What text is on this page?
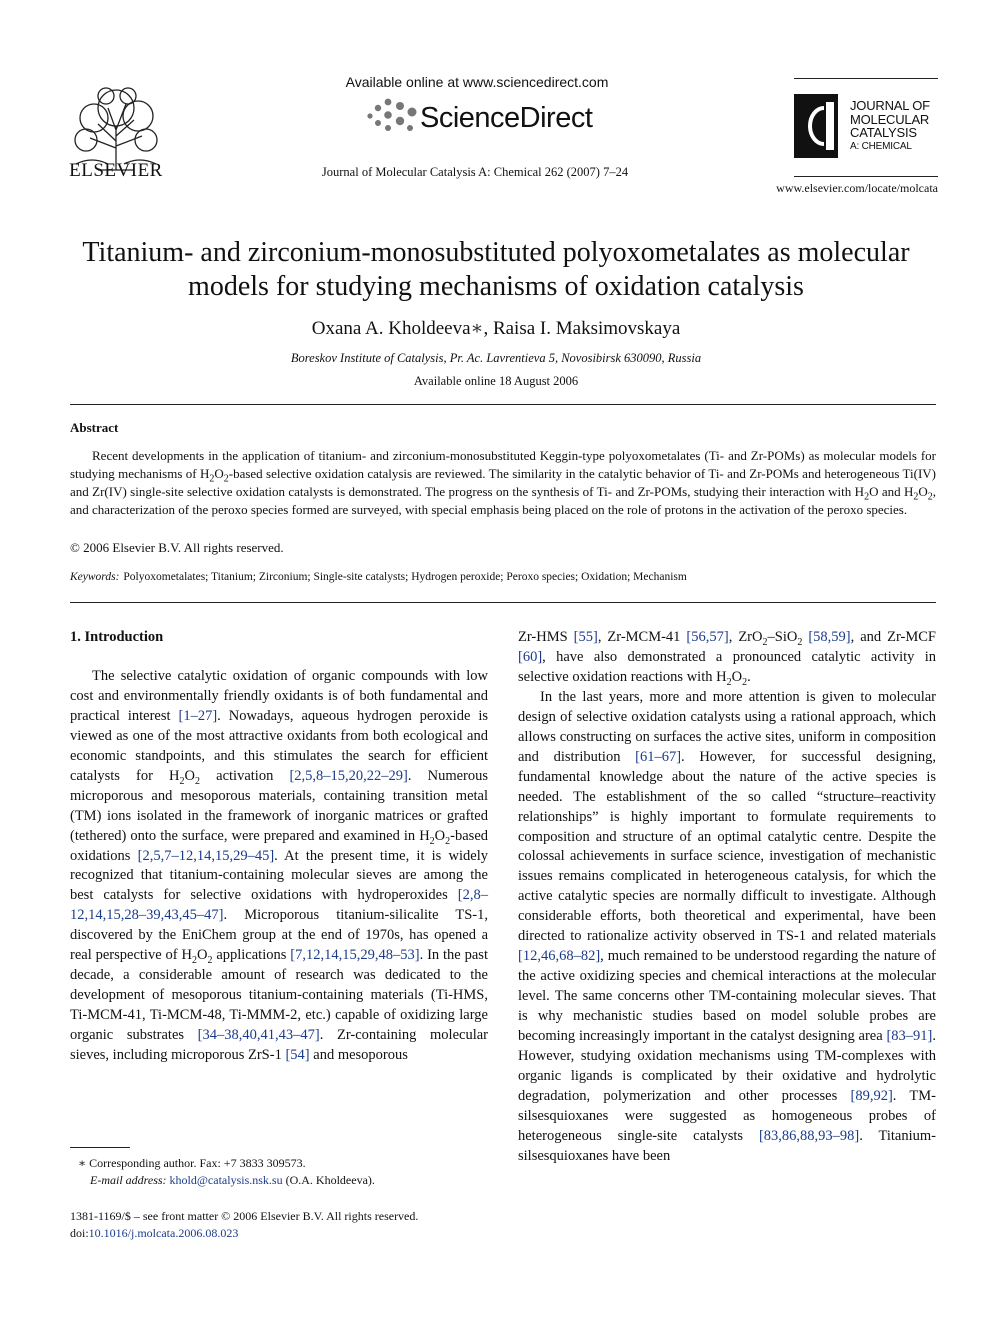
ELSEVIER
Available online at www.sciencedirect.com
ScienceDirect
Journal of Molecular Catalysis A: Chemical 262 (2007) 7–24
JOURNAL OF
MOLECULAR
CATALYSIS
A: CHEMICAL
www.elsevier.com/locate/molcata
Titanium- and zirconium-monosubstituted polyoxometalates as molecular
models for studying mechanisms of oxidation catalysis
Oxana A. Kholdeeva∗, Raisa I. Maksimovskaya
Boreskov Institute of Catalysis, Pr. Ac. Lavrentieva 5, Novosibirsk 630090, Russia
Available online 18 August 2006
Abstract

Recent developments in the application of titanium- and zirconium-monosubstituted Keggin-type polyoxometalates (Ti- and Zr-POMs) as molecular models for studying mechanisms of $H_2O_2$-based selective oxidation catalysis are reviewed. The similarity in the catalytic behavior of Ti- and Zr-POMs and heterogeneous Ti(IV) and Zr(IV) single-site selective oxidation catalysts is demonstrated. The progress on the synthesis of Ti- and Zr-POMs, studying their interaction with $H_2O$ and $H_2O_2$, and characterization of the peroxo species formed are surveyed, with special emphasis being placed on the role of protons in the activation of the peroxo species.

© 2006 Elsevier B.V. All rights reserved.
Keywords: Polyoxometalates; Titanium; Zirconium; Single-site catalysts; Hydrogen peroxide; Peroxo species; Oxidation; Mechanism

1. Introduction

The selective catalytic oxidation of organic compounds with low cost and environmentally friendly oxidants is of both fundamental and practical interest [1–27]. Nowadays, aqueous hydrogen peroxide is viewed as one of the most attractive oxidants from both ecological and economic standpoints, and this stimulates the search for efficient catalysts for $H_2O_2$ activation [2,5,8–15,20,22–29]. Numerous microporous and mesoporous materials, containing transition metal (TM) ions isolated in the framework of inorganic matrices or grafted (tethered) onto the surface, were prepared and examined in $H_2O_2$-based oxidations [2,5,7–12,14,15,29–45]. At the present time, it is widely recognized that titanium-containing molecular sieves are among the best catalysts for selective oxidations with hydroperoxides [2,8–12,14,15,28–39,43,45–47]. Microporous titanium-silicalite TS-1, discovered by the EniChem group at the end of 1970s, has opened a real perspective of $H_2O_2$ applications [7,12,14,15,29,48–53]. In the past decade, a considerable amount of research was dedicated to the development of mesoporous titanium-containing materials (Ti-HMS, Ti-MCM-41, Ti-MCM-48, Ti-MMM-2, etc.) capable of oxidizing large organic substrates [34–38,40,41,43–47]. Zr-containing molecular sieves, including microporous ZrS-1 [54] and mesoporous

Zr-HMS [55], Zr-MCM-41 [56,57], ZrO$_2$–SiO$_2$ [58,59], and Zr-MCF [60], have also demonstrated a pronounced catalytic activity in selective oxidation reactions with $H_2O_2$.

In the last years, more and more attention is given to molecular design of selective oxidation catalysts using a rational approach, which allows constructing on surfaces the active sites, uniform in composition and distribution [61–67]. However, for successful designing, fundamental knowledge about the nature of the active species is needed. The establishment of the so called “structure–reactivity relationships” is highly important to formulate requirements to composition and structure of an optimal catalytic centre. Despite the colossal achievements in surface science, investigation of mechanistic issues remains complicated in heterogeneous catalysis, for which the active catalytic species are normally difficult to investigate. Although considerable efforts, both theoretical and experimental, have been directed to rationalize activity observed in TS-1 and related materials [12,46,68–82], much remained to be understood regarding the nature of the active oxidizing species and chemical interactions at the molecular level. The same concerns other TM-containing molecular sieves. That is why mechanistic studies based on model soluble probes are becoming increasingly important in the catalyst designing area [83–91]. However, studying oxidation mechanisms using TM-complexes with organic ligands is complicated by their oxidative and hydrolytic degradation, polymerization and other processes [89,92]. TM-silsesquioxanes were suggested as homogeneous probes of heterogeneous single-site catalysts [83,86,88,93–98]. Titanium-silsesquioxanes have been

∗ Corresponding author. Fax: +7 3833 309573.
E-mail address: khold@catalysis.nsk.su (O.A. Kholdeeva).
1381-1169/$ – see front matter © 2006 Elsevier B.V. All rights reserved.
doi:10.1016/j.molcata.2006.08.023
